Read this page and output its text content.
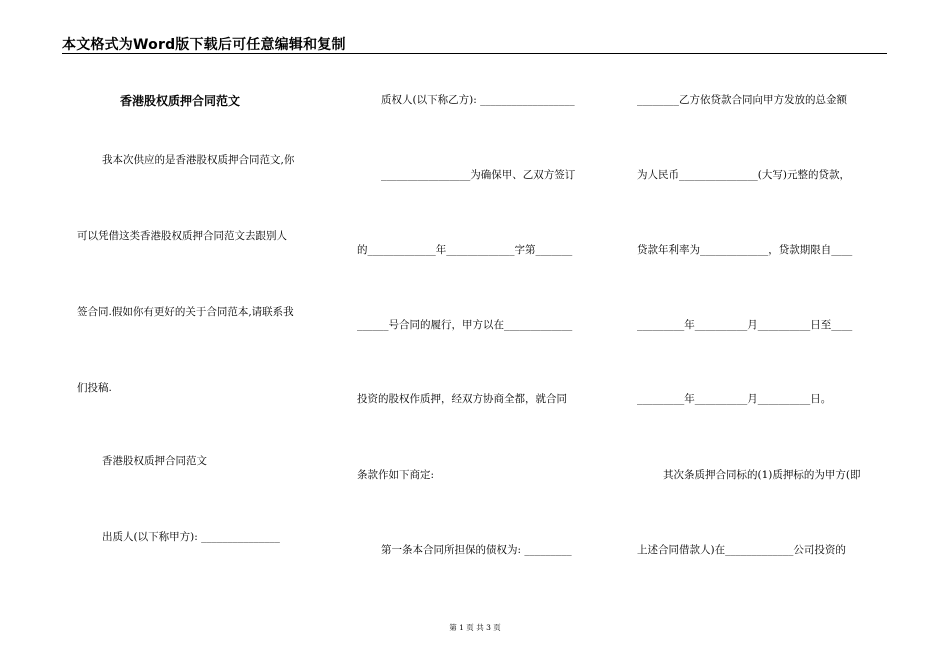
本文格式为Word版下载后可任意编辑和复制
香港股权质押合同范文
我本次供应的是香港股权质押合同范文,你
可以凭借这类香港股权质押合同范文去跟别人
签合同.假如你有更好的关于合同范本,请联系我
们投稿.
香港股权质押合同范文
出质人(以下称甲方): _______________
质权人(以下称乙方): __________________
_________________为确保甲、乙双方签订
的_____________年_____________字第_______
______号合同的履行，甲方以在_____________
投资的股权作质押，经双方协商全都，就合同
条款作如下商定:
第一条本合同所担保的债权为: _________
________乙方依贷款合同向甲方发放的总金额
为人民币_______________(大写)元整的贷款，
贷款年利率为_____________，贷款期限自____
_________年__________月__________日至____
_________年__________月__________日。
其次条质押合同标的(1)质押标的为甲方(即
上述合同借款人)在_____________公司投资的
第 1 页 共 3 页
